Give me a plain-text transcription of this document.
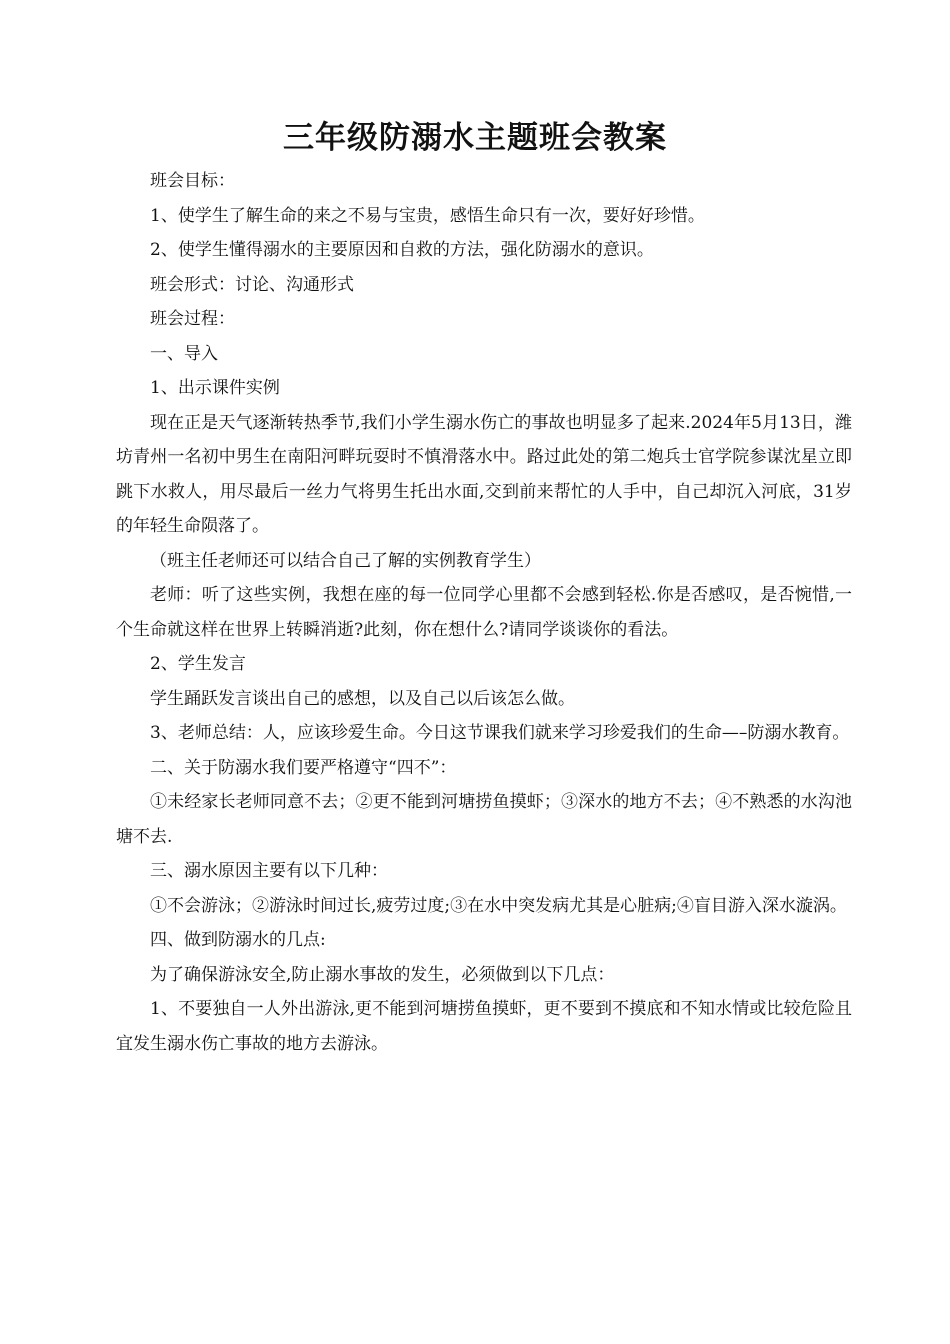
三年级防溺水主题班会教案

班会目标：

1、使学生了解生命的来之不易与宝贵，感悟生命只有一次，要好好珍惜。

2、使学生懂得溺水的主要原因和自救的方法，强化防溺水的意识。

班会形式：讨论、沟通形式

班会过程：

一、导入

1、出示课件实例

现在正是天气逐渐转热季节,我们小学生溺水伤亡的事故也明显多了起来.2024年5月13日，潍坊青州一名初中男生在南阳河畔玩耍时不慎滑落水中。路过此处的第二炮兵士官学院参谋沈星立即跳下水救人，用尽最后一丝力气将男生托出水面,交到前来帮忙的人手中，自己却沉入河底，31岁的年轻生命陨落了。

（班主任老师还可以结合自己了解的实例教育学生）

老师：听了这些实例，我想在座的每一位同学心里都不会感到轻松.你是否感叹，是否惋惜,一个生命就这样在世界上转瞬消逝?此刻，你在想什么?请同学谈谈你的看法。

2、学生发言

学生踊跃发言谈出自己的感想，以及自己以后该怎么做。

3、老师总结：人，应该珍爱生命。今日这节课我们就来学习珍爱我们的生命—–防溺水教育。

二、关于防溺水我们要严格遵守“四不”：

①未经家长老师同意不去；②更不能到河塘捞鱼摸虾；③深水的地方不去；④不熟悉的水沟池塘不去.

三、溺水原因主要有以下几种：

①不会游泳；②游泳时间过长,疲劳过度;③在水中突发病尤其是心脏病;④盲目游入深水漩涡。

四、做到防溺水的几点:

为了确保游泳安全,防止溺水事故的发生，必须做到以下几点：

1、不要独自一人外出游泳,更不能到河塘捞鱼摸虾，更不要到不摸底和不知水情或比较危险且宜发生溺水伤亡事故的地方去游泳。
